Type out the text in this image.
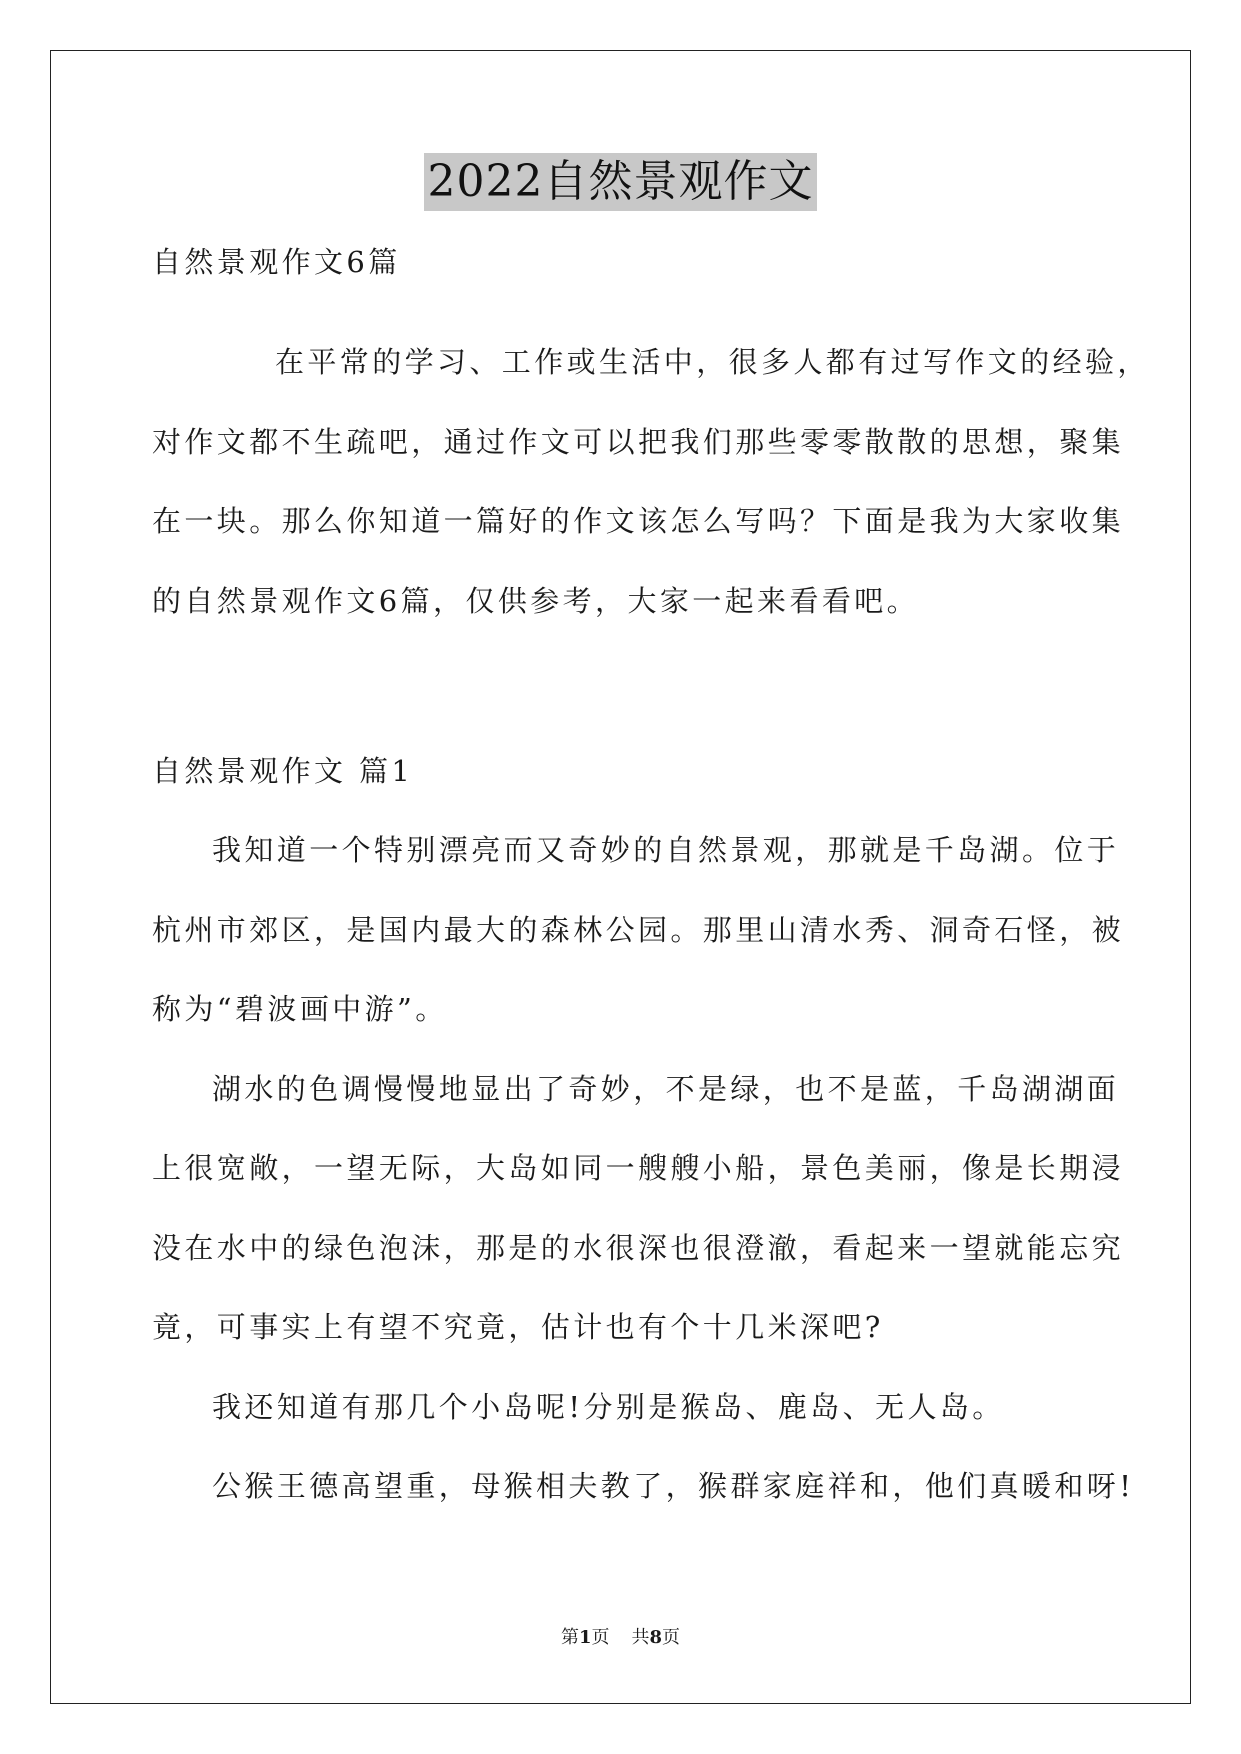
2022自然景观作文
自然景观作文6篇
在平常的学习、工作或生活中，很多人都有过写作文的经验，
对作文都不生疏吧，通过作文可以把我们那些零零散散的思想，聚集
在一块。那么你知道一篇好的作文该怎么写吗？下面是我为大家收集
的自然景观作文6篇，仅供参考，大家一起来看看吧。
自然景观作文 篇1
我知道一个特别漂亮而又奇妙的自然景观，那就是千岛湖。位于
杭州市郊区，是国内最大的森林公园。那里山清水秀、洞奇石怪，被
称为“碧波画中游”。
湖水的色调慢慢地显出了奇妙，不是绿，也不是蓝，千岛湖湖面
上很宽敞，一望无际，大岛如同一艘艘小船，景色美丽，像是长期浸
没在水中的绿色泡沫，那是的水很深也很澄澈，看起来一望就能忘究
竟，可事实上有望不究竟，估计也有个十几米深吧?
我还知道有那几个小岛呢!分别是猴岛、鹿岛、无人岛。
公猴王德高望重，母猴相夫教了，猴群家庭祥和，他们真暖和呀!
第1页 共8页
